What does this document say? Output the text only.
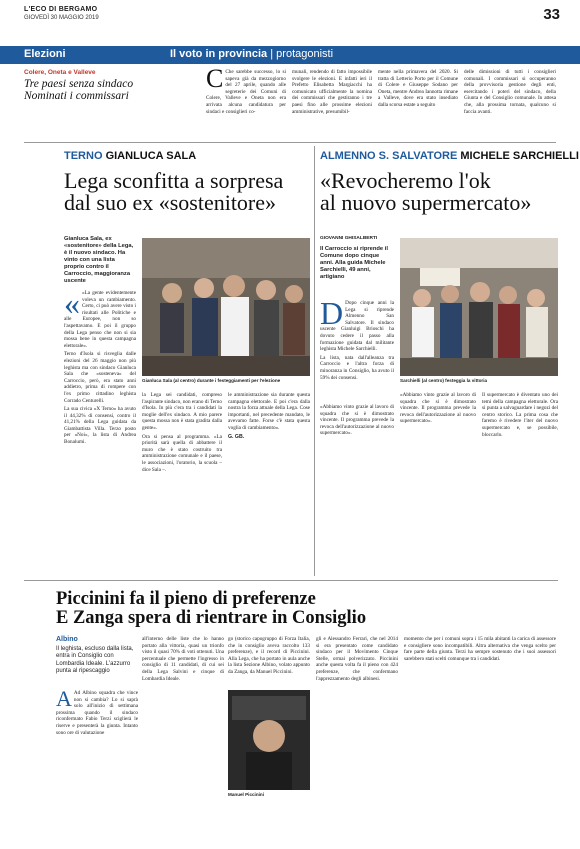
L'ECO DI BERGAMO
GIOVEDÌ 30 MAGGIO 2019	33
Elezioni	Il voto in provincia | protagonisti
Colere, Oneta e Valleve
Tre paesi senza sindaco
Nominati i commissari
C Che sarebbe successo, lo si sapeva già da mezzogiorno del 27 aprile, quando alle segreterie dei Comuni di Colere, Valleve e Oneta non era arrivata alcuna candidatura per sindaci e consiglieri co-
munali, rendendo di fatto impossibile svolgere le elezioni. E infatti ieri il Prefetto Elisabetta Margiacchi ha comunicato ufficialmente la nomina dei commissari che gestiranno i tre paesi fino alle prossime elezioni amministrative, presumibil-
mente nella primavera del 2020. Si tratta di Letterio Porto per il Comune di Colere e Giuseppe Sodano per Oneta, mentre Andrea Iannotta rimane a Valleve, dove era stato insediato dalla scorsa estate a seguito
delle dimissioni di tutti i consiglieri comunali. I commissari si occuperanno della provvisoria gestione degli enti, esercitando i poteri del sindaco, della Giunta e del Consiglio comunale. In attesa che, alla prossima tornata, qualcuno si faccia avanti.
TERNO GIANLUCA SALA
Lega sconfitta a sorpresa
dal suo ex «sostenitore»
Gianluca Sala, ex «sostenitore» della Lega, è il nuovo sindaco. Ha vinto con una lista proprio contro il Carroccio, maggioranza uscente

« «La gente evidentemente voleva un cambiamento. Certo, ci può avere visto i risultati alle Politiche e alle Europee, non so l'aspettavamo. E poi il gruppo della Lega penso che non si sia mossa bene in questa campagna elettorale».

Terno d'Isola si risveglia dalle elezioni del 26 maggio non più leghista ma con sindaco Gianluca Sala che «sosteneva» del Carroccio, però, era stato anni addietro, prima di rompere con l'ex primo cittadino leghista Corrado Centurelli.

La sua civica «X Terno» ha avuto il 44,32% di consensi, contro il 41,21% della Lega guidata da Giambattista Villa. Terzo posto per «Noi», la lista di Andrea Bonalumi.

Gianluca Sala (al centro) durante i festeggiamenti per l'elezione

la Lega sei candidati, compreso l'aspirante sindaco, non erano di Terno d'Isola. In più c'era tra i candidati la moglie dell'ex sindaco. A mio parere questa mossa non è stata gradita dalla gente».

Ora si pensa al programma. «La priorità sarà quella di abbattere il muro che è stato costruito tra amministrazione comunale e il paese, le associazioni, l'oratorio, la scuola – dice Sala –.

le amministrazione sia durante questa campagna elettorale. E poi c'era dalla nostra la forza attuale della Lega. Cose importanti, nel precedente mandato, le avevamo fatte. Forse c'è stata questa voglia di cambiamento».

G. GB.

ALMENNO S. SALVATORE MICHELE SARCHIELLI
«Revocheremo l'ok
al nuovo supermercato»
GIOVANNI GHISALBERTI
Il Carroccio si riprende il Comune dopo cinque anni. Alla guida Michele Sarchielli, 49 anni, artigiano

D Dopo cinque anni la Lega si riprende Almenno San Salvatore. Il sindaco uscente Gianluigi Brioschi ha dovuto cedere il passo alla formazione guidata dal militante leghista Michele Sarchielli.

La lista, nata dall'alleanza tra Carroccio e l'altra forza di minoranza in Consiglio, ha avuto il 59% dei consensi.	Sarchielli (al centro) festeggia la vittoria
«Abbiamo vinto grazie al lavoro di squadra che si è dimostrato vincente. Il programma prevede la revoca dell'autorizzazione al nuovo supermercato».
«Abbiamo vinto grazie al lavoro di squadra che si è dimostrato vincente. Il programma prevede la revoca dell'autorizzazione al nuovo supermercato».
Il supermercato è diventato uno dei temi della campagna elettorale. Ora si punta a salvaguardare i negozi del centro storico. La prima cosa che faremo è rivedere l'iter del nuovo supermercato e, se possibile, bloccarlo.
Piccinini fa il pieno di preferenze
E Zanga spera di rientrare in Consiglio
Albino
Il leghista, escluso dalla lista, entra in Consiglio con Lombardia Ideale. L'azzurro punta al ripescaggio
A Ad Albino squadra che vince non si cambia? Lo si saprà solo all'inizio di settimana prossima quando il sindaco riconfermato Fabio Terzi sciglierà le riserve e presenterà la giunta. Intanto sono ore di valutazione
all'interno delle liste che lo hanno portato alla vittoria, quasi un trionfo visto il quasi 70% di voti ottenuti. Una percentuale che permette l'ingresso in consiglio di 11 candidati, di cui sei della Lega Salvini e cinque di Lombardia Ideale.
go (storico capogruppo di Forza Italia, che in consiglio aveva raccolto 133 preferenze), e il record di Piccinini. Alla Lega, che ha portato in aula anche la lista Sezione Albino, volato appunto da Zanga, da Manuel Piccinini.
Manuel Piccinini
gli e Alessandro Ferrari, che nel 2014 si era presentato come candidato sindaco per il Movimento Cinque Stelle, ormai polverizzato. Piccinini anche questa volta fa il pieno con 424 preferenze, che confermano l'apprezzamento degli albinesi.
momento che per i comuni sopra i 15 mila abitanti la carica di assessore e consigliere sono incompatibili. Altra alternativa che venga scelto per fare parte della giunta. Terzi ha sempre sostenuto che i suoi assessori sarebbero stati scelti comunque tra i candidati.
